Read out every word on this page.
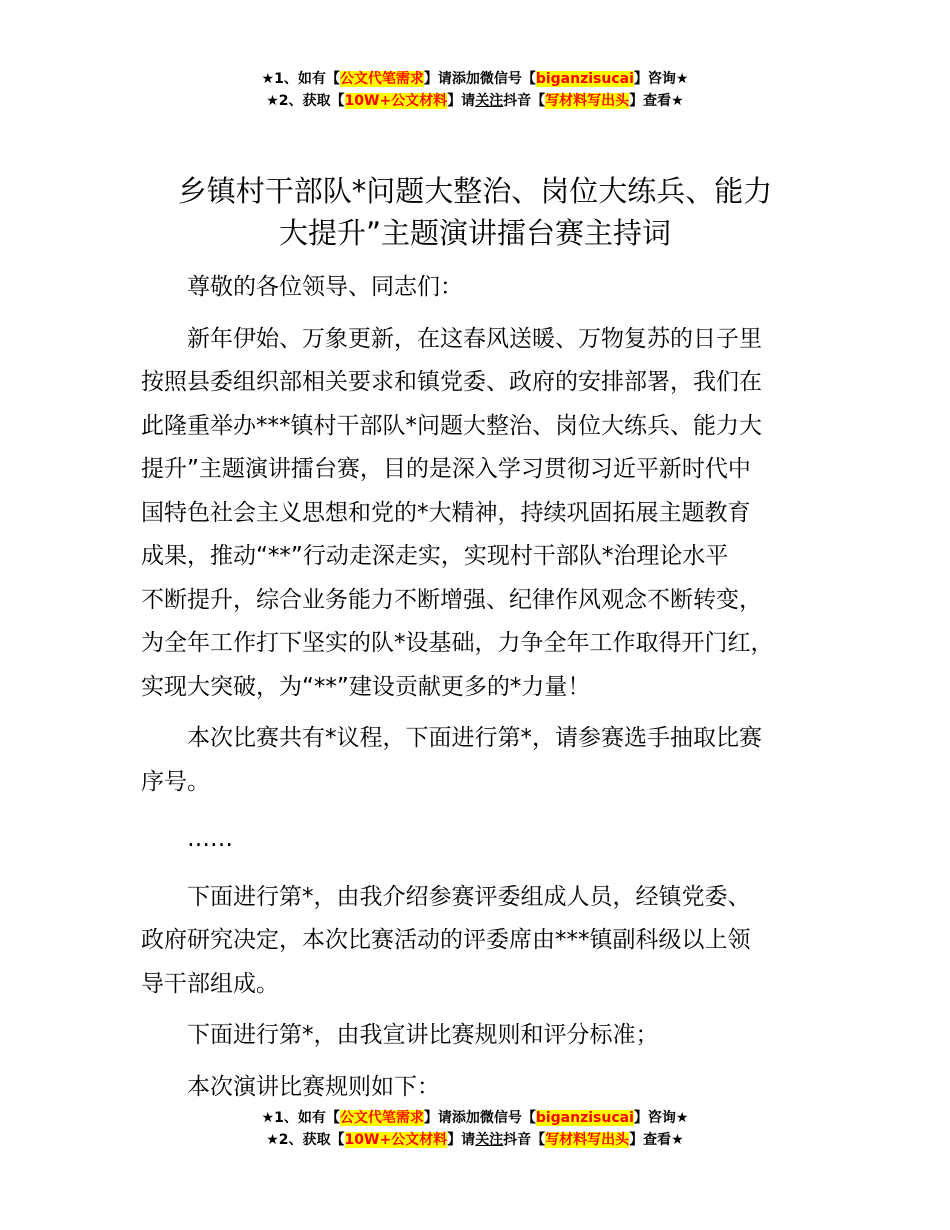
★1、如有【公文代笔需求】请添加微信号【biganzisucai】咨询★
★2、获取【10W+公文材料】请关注抖音【写材料写出头】查看★
乡镇村干部队*问题大整治、岗位大练兵、能力
大提升”主题演讲擂台赛主持词

尊敬的各位领导、同志们：

新年伊始、万象更新，在这春风送暖、万物复苏的日子里
按照县委组织部相关要求和镇党委、政府的安排部署，我们在
此隆重举办***镇村干部队*问题大整治、岗位大练兵、能力大
提升”主题演讲擂台赛，目的是深入学习贯彻习近平新时代中
国特色社会主义思想和党的*大精神，持续巩固拓展主题教育
成果，推动“**”行动走深走实，实现村干部队*治理论水平
不断提升，综合业务能力不断增强、纪律作风观念不断转变，
为全年工作打下坚实的队*设基础，力争全年工作取得开门红，
实现大突破，为“**”建设贡献更多的*力量！

本次比赛共有*议程，下面进行第*，请参赛选手抽取比赛
序号。

……

下面进行第*，由我介绍参赛评委组成人员，经镇党委、
政府研究决定，本次比赛活动的评委席由***镇副科级以上领
导干部组成。

下面进行第*，由我宣讲比赛规则和评分标准；

本次演讲比赛规则如下：

★1、如有【公文代笔需求】请添加微信号【biganzisucai】咨询★
★2、获取【10W+公文材料】请关注抖音【写材料写出头】查看★
